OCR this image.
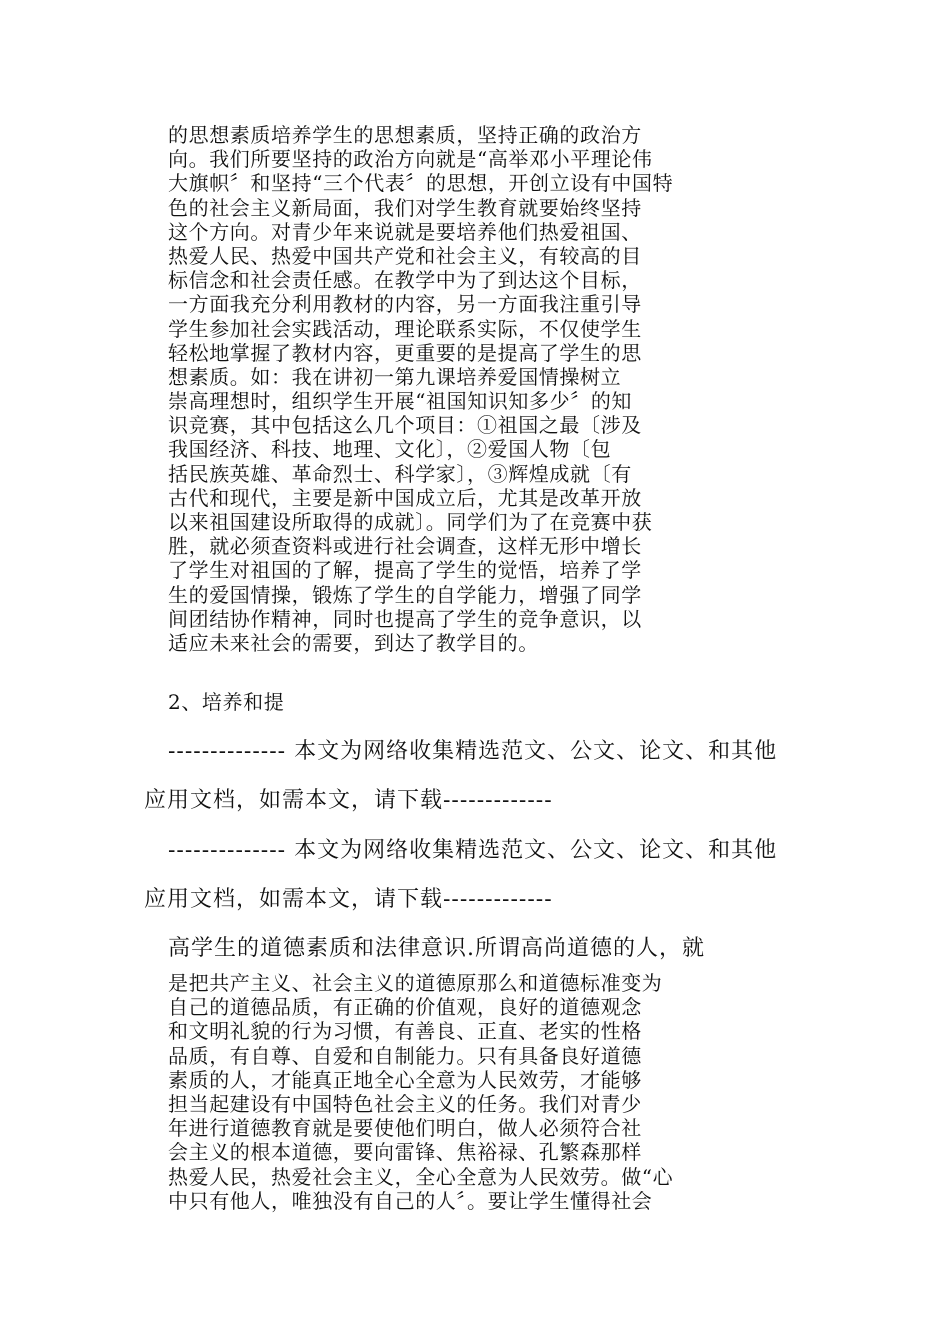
的思想素质培养学生的思想素质，坚持正确的政治方
向。我们所要坚持的政治方向就是“高举邓小平理论伟
大旗帜〞和坚持“三个代表〞的思想，开创立设有中国特
色的社会主义新局面，我们对学生教育就要始终坚持
这个方向。对青少年来说就是要培养他们热爱祖国、
热爱人民、热爱中国共产党和社会主义，有较高的目
标信念和社会责任感。在教学中为了到达这个目标，
一方面我充分利用教材的内容，另一方面我注重引导
学生参加社会实践活动，理论联系实际，不仅使学生
轻松地掌握了教材内容，更重要的是提高了学生的思
想素质。如：我在讲初一第九课培养爱国情操树立
崇高理想时，组织学生开展“祖国知识知多少〞的知
识竞赛，其中包括这么几个项目：①祖国之最〔涉及
我国经济、科技、地理、文化〕，②爱国人物〔包
括民族英雄、革命烈士、科学家〕，③辉煌成就〔有
古代和现代，主要是新中国成立后，尤其是改革开放
以来祖国建设所取得的成就〕。同学们为了在竞赛中获
胜，就必须查资料或进行社会调查，这样无形中增长
了学生对祖国的了解，提高了学生的觉悟，培养了学
生的爱国情操，锻炼了学生的自学能力，增强了同学
间团结协作精神，同时也提高了学生的竞争意识，以
适应未来社会的需要，到达了教学目的。
2、培养和提
-------------- 本文为网络收集精选范文、公文、论文、和其他
应用文档，如需本文，请下载-------------
-------------- 本文为网络收集精选范文、公文、论文、和其他
应用文档，如需本文，请下载-------------
高学生的道德素质和法律意识.所谓高尚道德的人，就
是把共产主义、社会主义的道德原那么和道德标准变为
自己的道德品质，有正确的价值观，良好的道德观念
和文明礼貌的行为习惯，有善良、正直、老实的性格
品质，有自尊、自爱和自制能力。只有具备良好道德
素质的人，才能真正地全心全意为人民效劳，才能够
担当起建设有中国特色社会主义的任务。我们对青少
年进行道德教育就是要使他们明白，做人必须符合社
会主义的根本道德，要向雷锋、焦裕禄、孔繁森那样
热爱人民，热爱社会主义，全心全意为人民效劳。做“心
中只有他人，唯独没有自己的人〞。要让学生懂得社会
